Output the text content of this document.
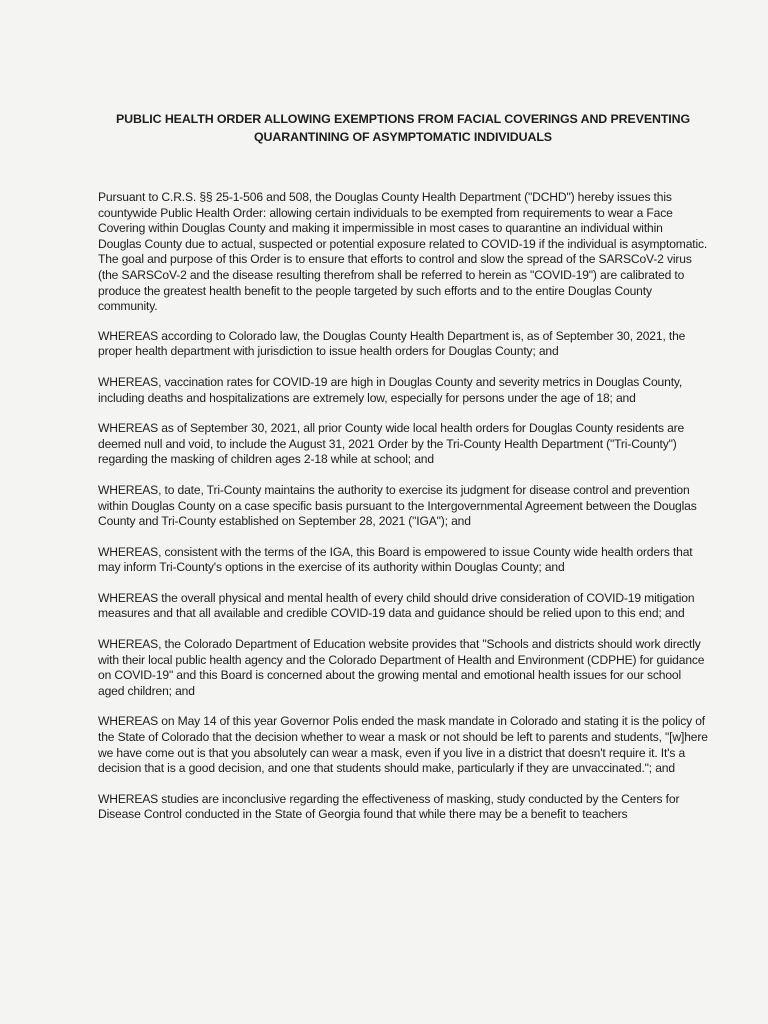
PUBLIC HEALTH ORDER ALLOWING EXEMPTIONS FROM FACIAL COVERINGS AND PREVENTING
QUARANTINING OF ASYMPTOMATIC INDIVIDUALS

Pursuant to C.R.S. §§ 25-1-506 and 508, the Douglas County Health Department ("DCHD") hereby issues this countywide Public Health Order: allowing certain individuals to be exempted from requirements to wear a Face Covering within Douglas County and making it impermissible in most cases to quarantine an individual within Douglas County due to actual, suspected or potential exposure related to COVID-19 if the individual is asymptomatic. The goal and purpose of this Order is to ensure that efforts to control and slow the spread of the SARSCoV-2 virus (the SARSCoV-2 and the disease resulting therefrom shall be referred to herein as "COVID-19") are calibrated to produce the greatest health benefit to the people targeted by such efforts and to the entire Douglas County community.

WHEREAS according to Colorado law, the Douglas County Health Department is, as of September 30, 2021, the proper health department with jurisdiction to issue health orders for Douglas County; and

WHEREAS, vaccination rates for COVID-19 are high in Douglas County and severity metrics in Douglas County, including deaths and hospitalizations are extremely low, especially for persons under the age of 18; and

WHEREAS as of September 30, 2021, all prior County wide local health orders for Douglas County residents are deemed null and void, to include the August 31, 2021 Order by the Tri-County Health Department ("Tri-County") regarding the masking of children ages 2-18 while at school; and

WHEREAS, to date, Tri-County maintains the authority to exercise its judgment for disease control and prevention within Douglas County on a case specific basis pursuant to the Intergovernmental Agreement between the Douglas County and Tri-County established on September 28, 2021 ("IGA"); and

WHEREAS, consistent with the terms of the IGA, this Board is empowered to issue County wide health orders that may inform Tri-County's options in the exercise of its authority within Douglas County; and

WHEREAS the overall physical and mental health of every child should drive consideration of COVID-19 mitigation measures and that all available and credible COVID-19 data and guidance should be relied upon to this end; and

WHEREAS, the Colorado Department of Education website provides that "Schools and districts should work directly with their local public health agency and the Colorado Department of Health and Environment (CDPHE) for guidance on COVID-19" and this Board is concerned about the growing mental and emotional health issues for our school aged children; and

WHEREAS on May 14 of this year Governor Polis ended the mask mandate in Colorado and stating it is the policy of the State of Colorado that the decision whether to wear a mask or not should be left to parents and students, "[w]here we have come out is that you absolutely can wear a mask, even if you live in a district that doesn't require it. It's a decision that is a good decision, and one that students should make, particularly if they are unvaccinated."; and

WHEREAS studies are inconclusive regarding the effectiveness of masking, study conducted by the Centers for Disease Control conducted in the State of Georgia found that while there may be a benefit to teachers
